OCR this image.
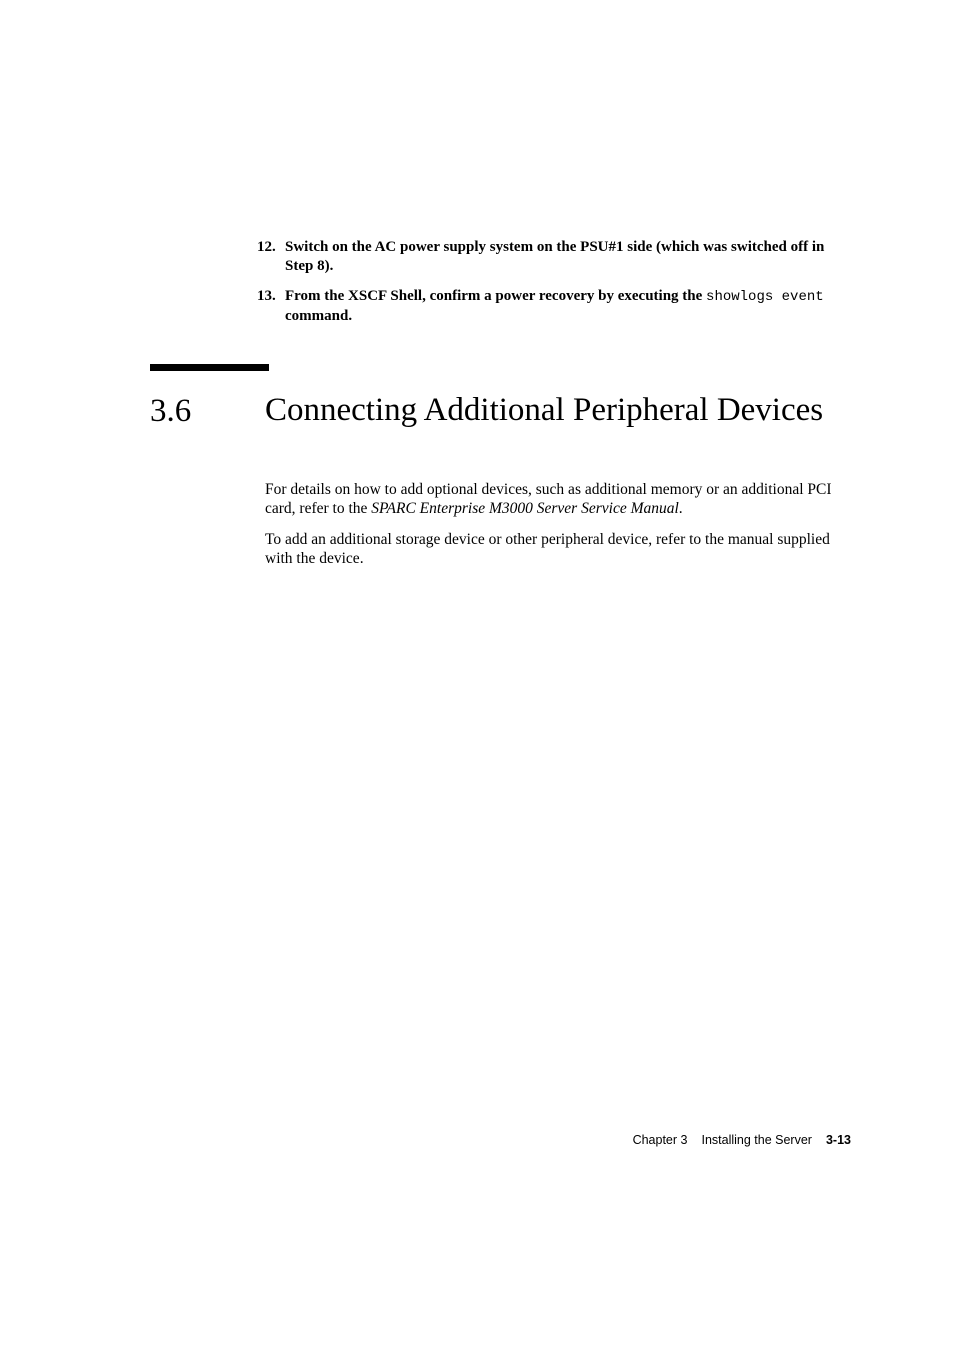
12. Switch on the AC power supply system on the PSU#1 side (which was switched off in Step 8).
13. From the XSCF Shell, confirm a power recovery by executing the showlogs event command.
3.6 Connecting Additional Peripheral Devices
For details on how to add optional devices, such as additional memory or an additional PCI card, refer to the SPARC Enterprise M3000 Server Service Manual.
To add an additional storage device or other peripheral device, refer to the manual supplied with the device.
Chapter 3 Installing the Server 3-13
